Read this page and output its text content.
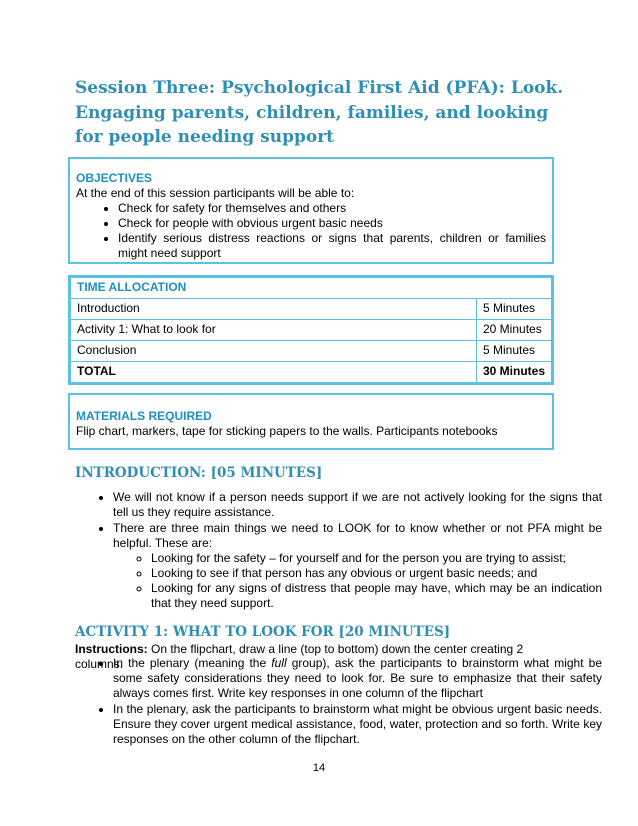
Session Three: Psychological First Aid (PFA): Look. Engaging parents, children, families, and looking for people needing support
OBJECTIVES
At the end of this session participants will be able to:
• Check for safety for themselves and others
• Check for people with obvious urgent basic needs
• Identify serious distress reactions or signs that parents, children or families might need support
TIME ALLOCATION	
Introduction	5 Minutes
Activity 1: What to look for	20 Minutes
Conclusion	5 Minutes
TOTAL	30 Minutes
MATERIALS REQUIRED
Flip chart, markers, tape for sticking papers to the walls. Participants notebooks
INTRODUCTION: [05 MINUTES]
• We will not know if a person needs support if we are not actively looking for the signs that tell us they require assistance.
• There are three main things we need to LOOK for to know whether or not PFA might be helpful. These are:
◦ Looking for the safety – for yourself and for the person you are trying to assist;
◦ Looking to see if that person has any obvious or urgent basic needs; and
◦ Looking for any signs of distress that people may have, which may be an indication that they need support.
ACTIVITY 1: WHAT TO LOOK FOR [20 MINUTES]

Instructions: On the flipchart, draw a line (top to bottom) down the center creating 2 columns.

• In the plenary (meaning the full group), ask the participants to brainstorm what might be some safety considerations they need to look for. Be sure to emphasize that their safety always comes first. Write key responses in one column of the flipchart
• In the plenary, ask the participants to brainstorm what might be obvious urgent basic needs. Ensure they cover urgent medical assistance, food, water, protection and so forth. Write key responses on the other column of the flipchart.
14
